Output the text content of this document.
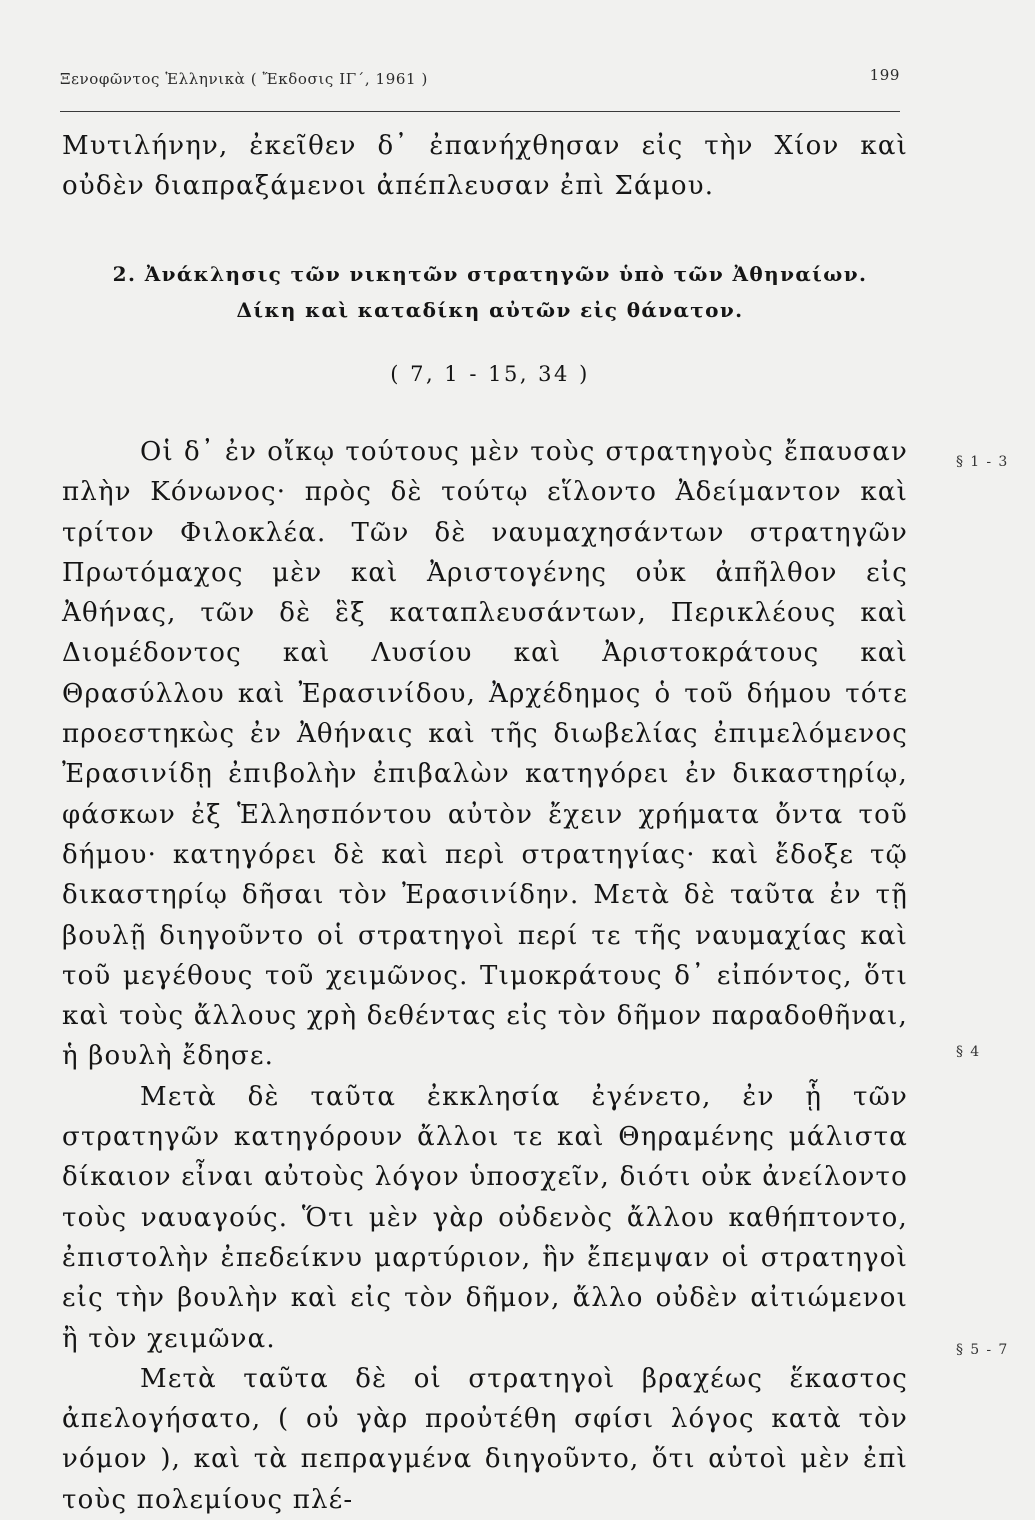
Ξενοφῶντος Ἑλληνικὰ ( Ἔκδοσις ΙΓ΄, 1961 )	199

Μυτιλήνην, ἐκεῖθεν δ᾿ ἐπανήχθησαν εἰς τὴν Χίον καὶ οὐδὲν διαπραξάμενοι ἀπέπλευσαν ἐπὶ Σάμου.

2. Ἀνάκλησις τῶν νικητῶν στρατηγῶν ὑπὸ τῶν Ἀθηναίων.
Δίκη καὶ καταδίκη αὐτῶν εἰς θάνατον.
( 7, 1 - 15, 34 )

Οἱ δ᾿ ἐν οἴκῳ τούτους μὲν τοὺς στρατηγοὺς ἔπαυσαν πλὴν Κόνωνος· πρὸς δὲ τούτῳ εἵλοντο Ἀδείμαντον καὶ τρίτον Φιλοκλέα. Τῶν δὲ ναυμαχησάντων στρατηγῶν Πρωτόμαχος μὲν καὶ Ἀριστογένης οὐκ ἀπῆλθον εἰς Ἀθήνας, τῶν δὲ ἓξ καταπλευσάντων, Περικλέους καὶ Διομέδοντος καὶ Λυσίου καὶ Ἀριστοκράτους καὶ Θρασύλλου καὶ Ἐρασινίδου, Ἀρχέδημος ὁ τοῦ δήμου τότε προεστηκὼς ἐν Ἀθήναις καὶ τῆς διωβελίας ἐπιμελόμενος Ἐρασινίδῃ ἐπιβολὴν ἐπιβαλὼν κατηγόρει ἐν δικαστηρίῳ, φάσκων ἐξ Ἑλλησπόντου αὐτὸν ἔχειν χρήματα ὄντα τοῦ δήμου· κατηγόρει δὲ καὶ περὶ στρατηγίας· καὶ ἔδοξε τῷ δικαστηρίῳ δῆσαι τὸν Ἐρασινίδην. Μετὰ δὲ ταῦτα ἐν τῇ βουλῇ διηγοῦντο οἱ στρατηγοὶ περί τε τῆς ναυμαχίας καὶ τοῦ μεγέθους τοῦ χειμῶνος. Τιμοκράτους δ᾿ εἰπόντος, ὅτι καὶ τοὺς ἄλλους χρὴ δεθέντας εἰς τὸν δῆμον παραδοθῆναι, ἡ βουλὴ ἔδησε.

Μετὰ δὲ ταῦτα ἐκκλησία ἐγένετο, ἐν ᾗ τῶν στρατηγῶν κατηγόρουν ἄλλοι τε καὶ Θηραμένης μάλιστα δίκαιον εἶναι αὐτοὺς λόγον ὑποσχεῖν, διότι οὐκ ἀνείλοντο τοὺς ναυαγούς. Ὅτι μὲν γὰρ οὐδενὸς ἄλλου καθήπτοντο, ἐπιστολὴν ἐπεδείκνυ μαρτύριον, ἣν ἔπεμψαν οἱ στρατηγοὶ εἰς τὴν βουλὴν καὶ εἰς τὸν δῆμον, ἄλλο οὐδὲν αἰτιώμενοι ἢ τὸν χειμῶνα.

Μετὰ ταῦτα δὲ οἱ στρατηγοὶ βραχέως ἕκαστος ἀπελογήσατο, ( οὐ γὰρ προὐτέθη σφίσι λόγος κατὰ τὸν νόμον ), καὶ τὰ πεπραγμένα διηγοῦντο, ὅτι αὐτοὶ μὲν ἐπὶ τοὺς πολεμίους πλέ-

§ 1 - 3
§ 4
§ 5 - 7
